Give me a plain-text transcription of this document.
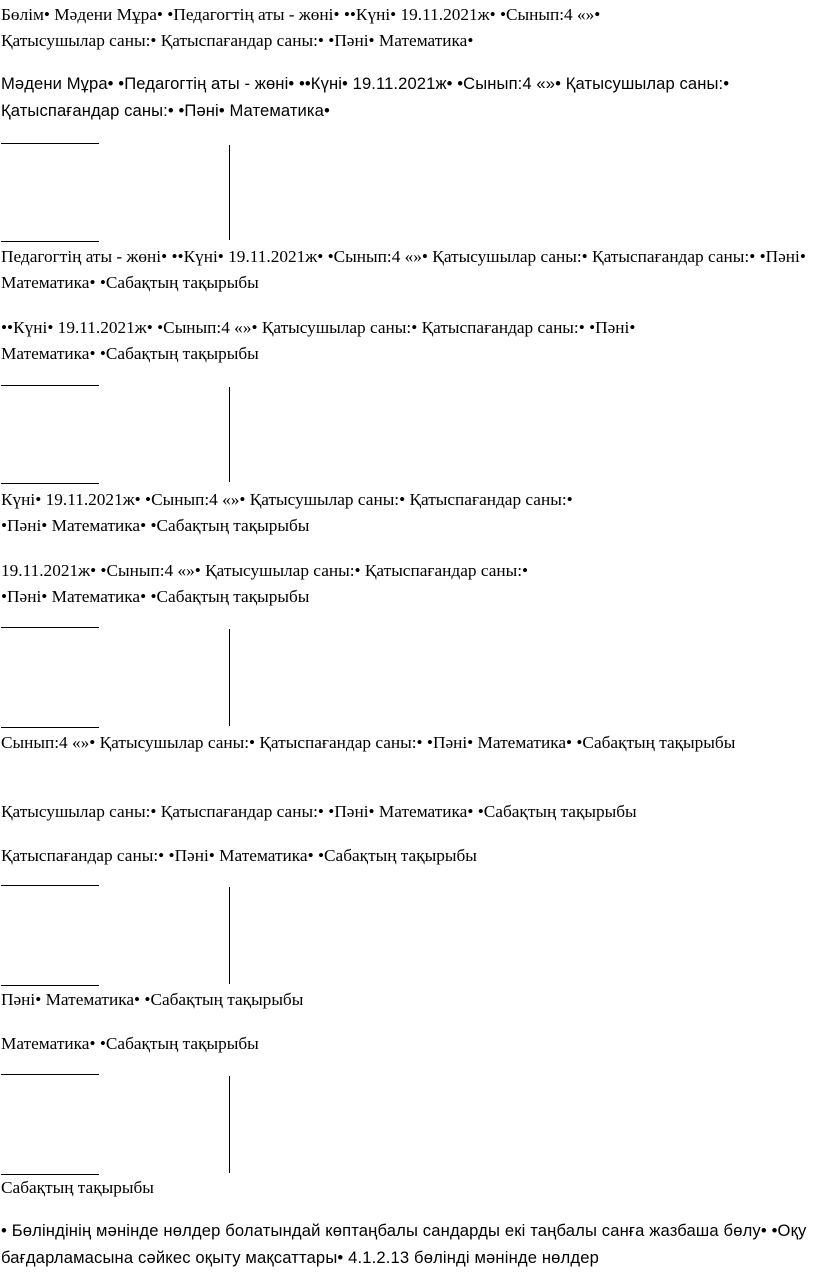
Бөлім• Мәдени Мұра• •Педагогтің аты - жөні• ••Күні• 19.11.2021ж• •Сынып:4 «»• Қатысушылар саны:• Қатыспағандар саны:• •Пәні• Математика•

Мәдени Мұра• •Педагогтің аты - жөні• ••Күні• 19.11.2021ж• •Сынып:4 «»• Қатысушылар саны:• Қатыспағандар саны:• •Пәні• Математика•

Педагогтің аты - жөні• ••Күні• 19.11.2021ж• •Сынып:4 «»• Қатысушылар саны:• Қатыспағандар саны:• •Пәні• Математика• •Сабақтың тақырыбы

••Күні• 19.11.2021ж• •Сынып:4 «»• Қатысушылар саны:• Қатыспағандар саны:• •Пәні• Математика• •Сабақтың тақырыбы

Күні• 19.11.2021ж• •Сынып:4 «»• Қатысушылар саны:• Қатыспағандар саны:• •Пәні• Математика• •Сабақтың тақырыбы

19.11.2021ж• •Сынып:4 «»• Қатысушылар саны:• Қатыспағандар саны:• •Пәні• Математика• •Сабақтың тақырыбы

Сынып:4 «»• Қатысушылар саны:• Қатыспағандар саны:• •Пәні• Математика• •Сабақтың тақырыбы

Қатысушылар саны:• Қатыспағандар саны:• •Пәні• Математика• •Сабақтың тақырыбы

Қатыспағандар саны:• •Пәні• Математика• •Сабақтың тақырыбы

Пәні• Математика• •Сабақтың тақырыбы

Математика• •Сабақтың тақырыбы

Сабақтың тақырыбы

• Бөліндінің мәнінде нөлдер болатындай көптаңбалы сандарды екі таңбалы санға жазбаша бөлу• •Оқу бағдарламасына сәйкес оқыту мақсаттары• 4.1.2.13 бөлінді мәнінде нөлдер
